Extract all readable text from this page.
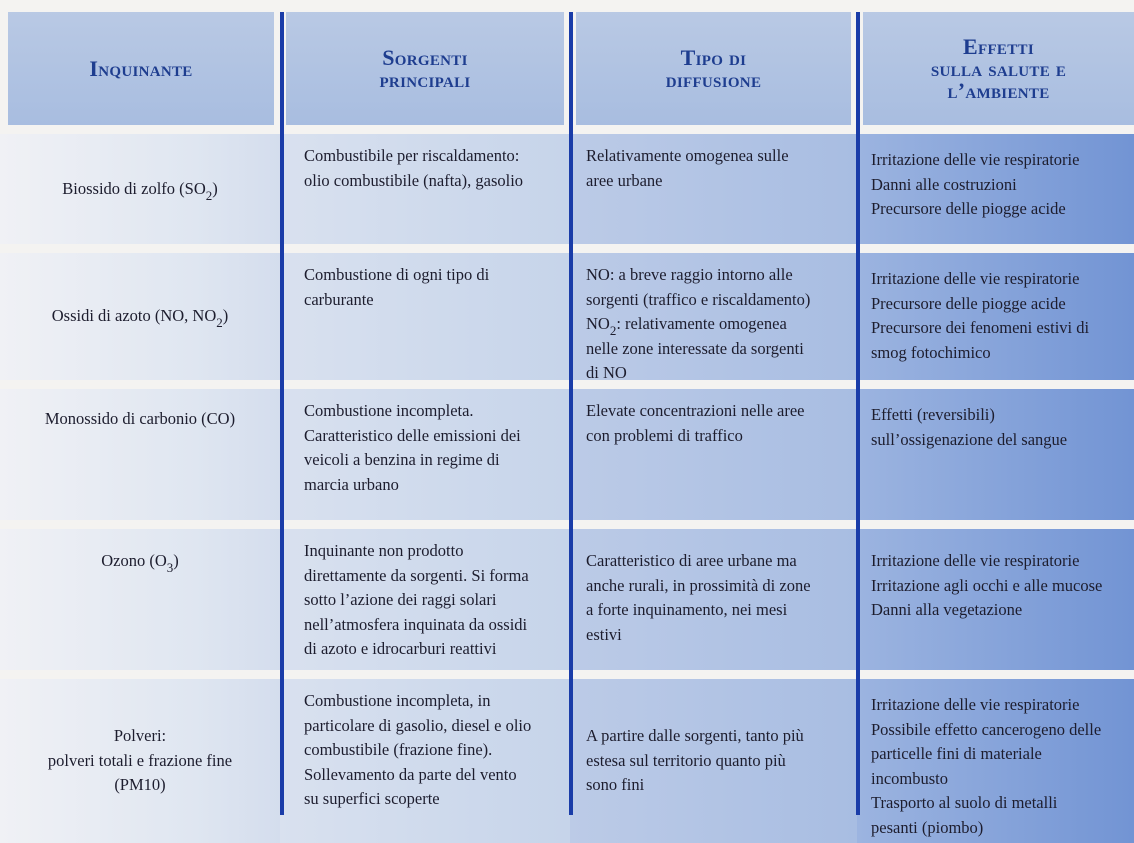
Inquinante	Sorgenti
principali
Tipo di
diffusione
Effetti
sulla salute e
l’ambiente
Biossido di zolfo $(SO_2)$
Combustibile per riscaldamento:
olio combustibile (nafta), gasolio
Relativamente omogenea sulle
aree urbane
Irritazione delle vie respiratorie
Danni alle costruzioni
Precursore delle piogge acide
Ossidi di azoto (NO, $NO_2$)
Combustione di ogni tipo di
carburante
NO: a breve raggio intorno alle
sorgenti (traffico e riscaldamento)
$NO_2$: relativamente omogenea
nelle zone interessate da sorgenti
di NO
Irritazione delle vie respiratorie
Precursore delle piogge acide
Precursore dei fenomeni estivi di
smog fotochimico
Monossido di carbonio (CO)	Combustione incompleta.
Caratteristico delle emissioni dei
veicoli a benzina in regime di
marcia urbano
Elevate concentrazioni nelle aree
con problemi di traffico
Effetti (reversibili)
sull’ossigenazione del sangue
Ozono $(O_3)$
Inquinante non prodotto
direttamente da sorgenti. Si forma
sotto l’azione dei raggi solari
nell’atmosfera inquinata da ossidi
di azoto e idrocarburi reattivi
Caratteristico di aree urbane ma
anche rurali, in prossimità di zone
a forte inquinamento, nei mesi
estivi
Irritazione delle vie respiratorie
Irritazione agli occhi e alle mucose
Danni alla vegetazione
Polveri:
polveri totali e frazione fine
(PM10)
Combustione incompleta, in
particolare di gasolio, diesel e olio
combustibile (frazione fine).
Sollevamento da parte del vento
su superfici scoperte
A partire dalle sorgenti, tanto più
estesa sul territorio quanto più
sono fini
Irritazione delle vie respiratorie
Possibile effetto cancerogeno delle
particelle fini di materiale
incombusto
Trasporto al suolo di metalli
pesanti (piombo)
